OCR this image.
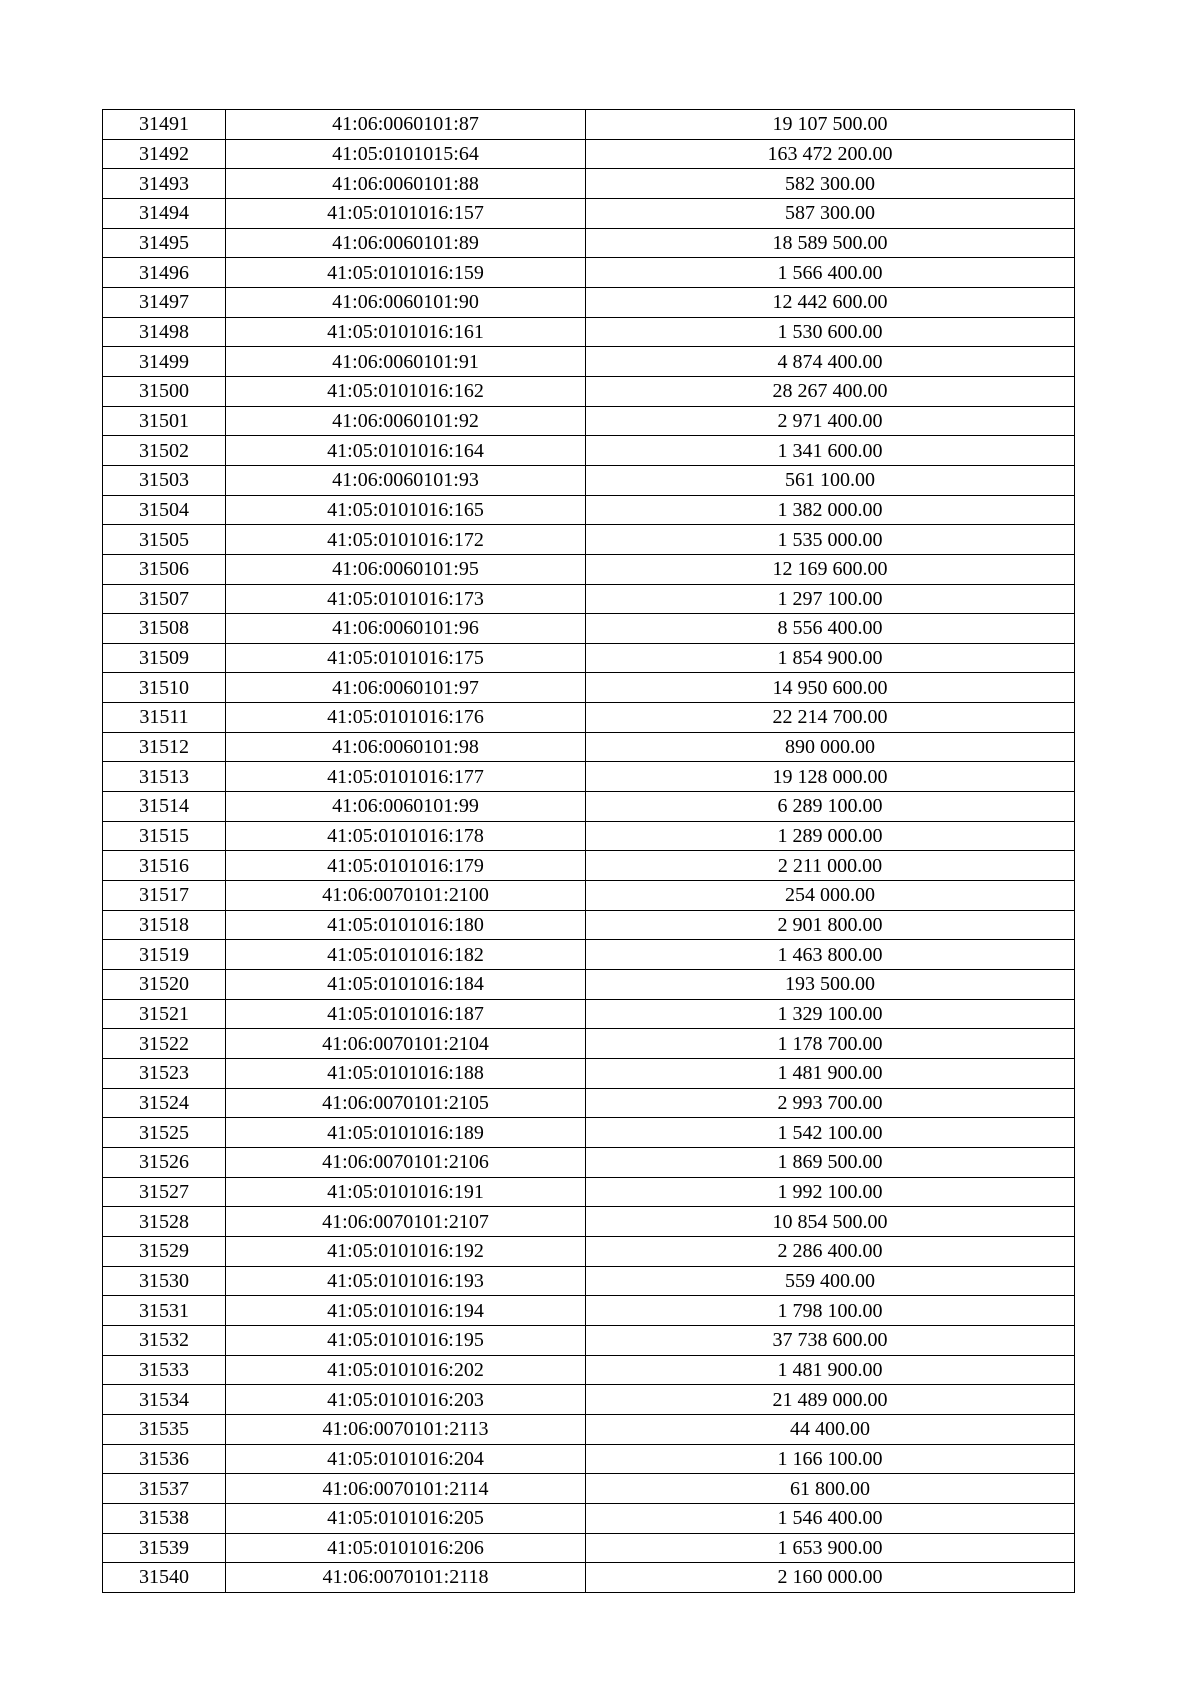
31491	41:06:0060101:87	19 107 500.00
31492	41:05:0101015:64	163 472 200.00
31493	41:06:0060101:88	582 300.00
31494	41:05:0101016:157	587 300.00
31495	41:06:0060101:89	18 589 500.00
31496	41:05:0101016:159	1 566 400.00
31497	41:06:0060101:90	12 442 600.00
31498	41:05:0101016:161	1 530 600.00
31499	41:06:0060101:91	4 874 400.00
31500	41:05:0101016:162	28 267 400.00
31501	41:06:0060101:92	2 971 400.00
31502	41:05:0101016:164	1 341 600.00
31503	41:06:0060101:93	561 100.00
31504	41:05:0101016:165	1 382 000.00
31505	41:05:0101016:172	1 535 000.00
31506	41:06:0060101:95	12 169 600.00
31507	41:05:0101016:173	1 297 100.00
31508	41:06:0060101:96	8 556 400.00
31509	41:05:0101016:175	1 854 900.00
31510	41:06:0060101:97	14 950 600.00
31511	41:05:0101016:176	22 214 700.00
31512	41:06:0060101:98	890 000.00
31513	41:05:0101016:177	19 128 000.00
31514	41:06:0060101:99	6 289 100.00
31515	41:05:0101016:178	1 289 000.00
31516	41:05:0101016:179	2 211 000.00
31517	41:06:0070101:2100	254 000.00
31518	41:05:0101016:180	2 901 800.00
31519	41:05:0101016:182	1 463 800.00
31520	41:05:0101016:184	193 500.00
31521	41:05:0101016:187	1 329 100.00
31522	41:06:0070101:2104	1 178 700.00
31523	41:05:0101016:188	1 481 900.00
31524	41:06:0070101:2105	2 993 700.00
31525	41:05:0101016:189	1 542 100.00
31526	41:06:0070101:2106	1 869 500.00
31527	41:05:0101016:191	1 992 100.00
31528	41:06:0070101:2107	10 854 500.00
31529	41:05:0101016:192	2 286 400.00
31530	41:05:0101016:193	559 400.00
31531	41:05:0101016:194	1 798 100.00
31532	41:05:0101016:195	37 738 600.00
31533	41:05:0101016:202	1 481 900.00
31534	41:05:0101016:203	21 489 000.00
31535	41:06:0070101:2113	44 400.00
31536	41:05:0101016:204	1 166 100.00
31537	41:06:0070101:2114	61 800.00
31538	41:05:0101016:205	1 546 400.00
31539	41:05:0101016:206	1 653 900.00
31540	41:06:0070101:2118	2 160 000.00
